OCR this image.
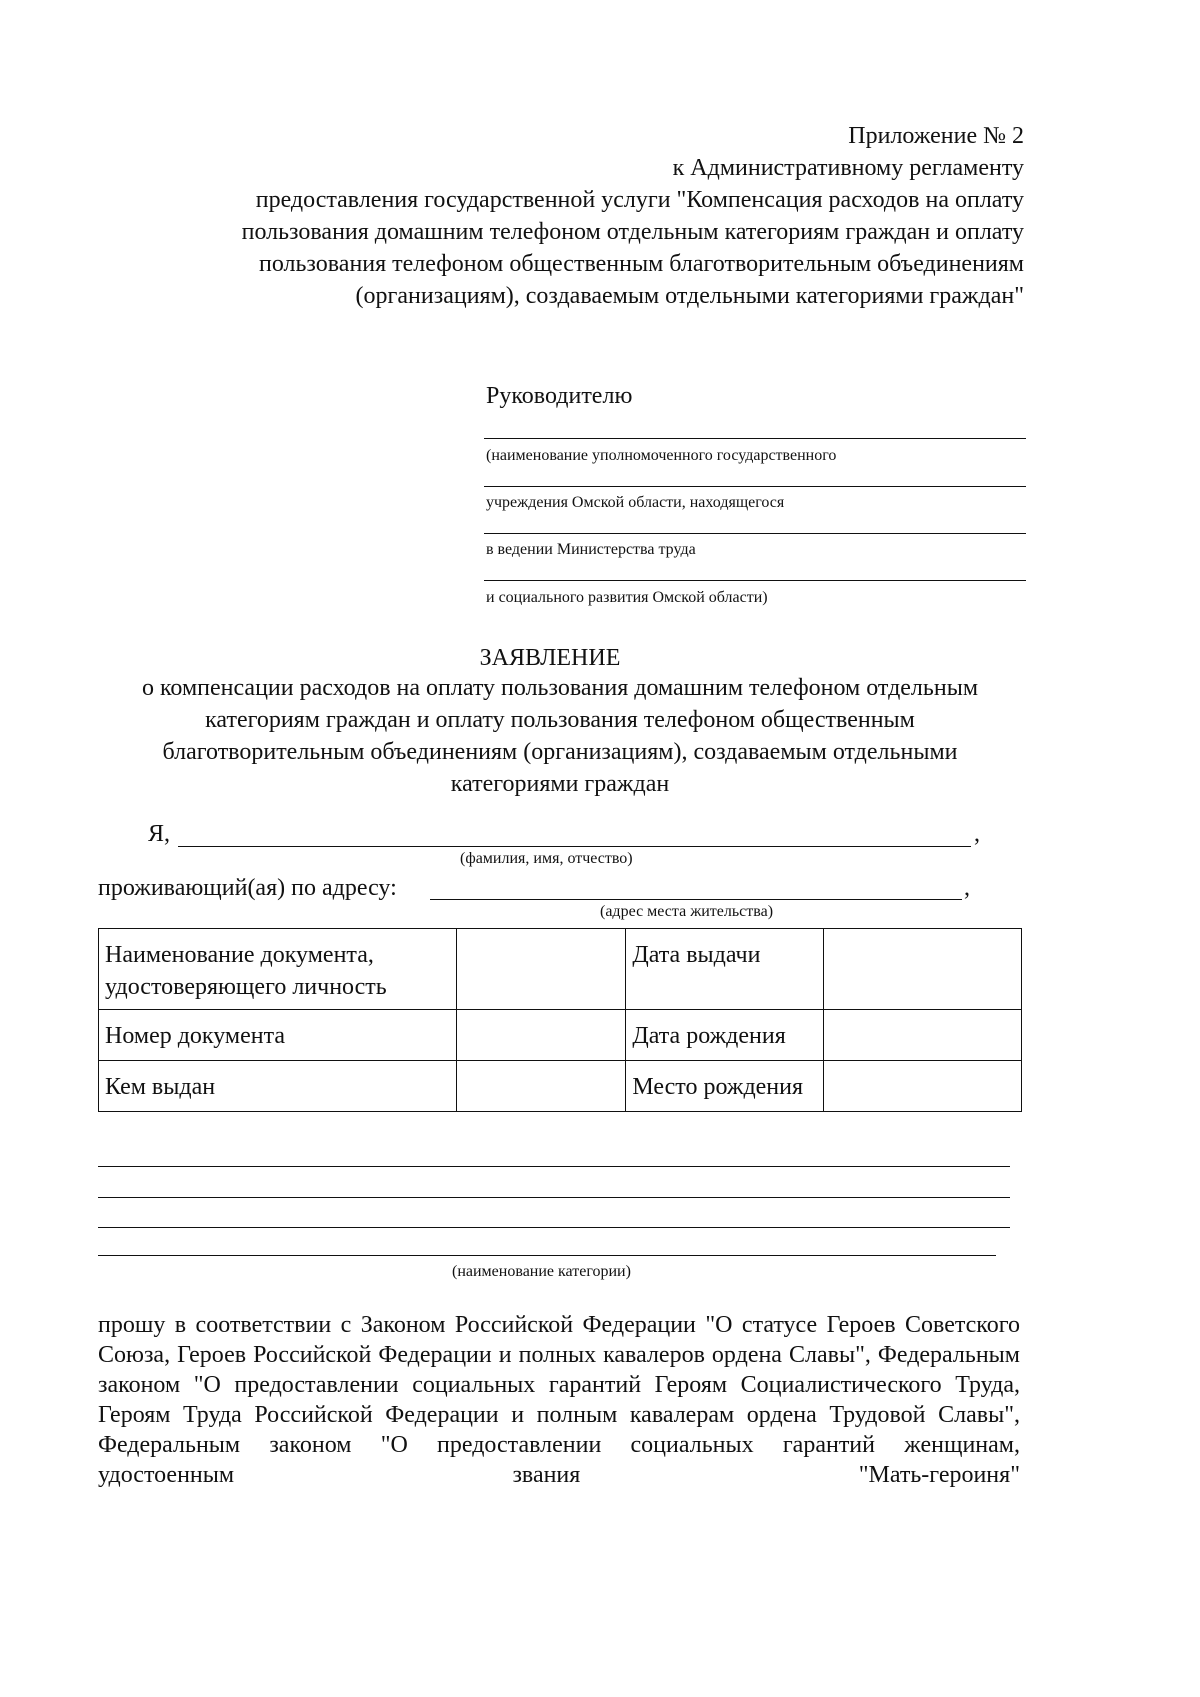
Приложение № 2
к Административному регламенту
предоставления государственной услуги "Компенсация расходов на оплату
пользования домашним телефоном отдельным категориям граждан и оплату
пользования телефоном общественным благотворительным объединениям
(организациям), создаваемым отдельными категориями граждан"
Руководителю
(наименование уполномоченного государственного
учреждения Омской области, находящегося
в ведении Министерства труда
и социального развития Омской области)
ЗАЯВЛЕНИЕ
о компенсации расходов на оплату пользования домашним телефоном отдельным
категориям граждан и оплату пользования телефоном общественным
благотворительным объединениям (организациям), создаваемым отдельными
категориями граждан
Я,	,
(фамилия, имя, отчество)
проживающий(ая) по адресу:	,
(адрес места жительства)
Наименование документа, удостоверяющего личность		Дата выдачи	
Номер документа		Дата рождения	
Кем выдан		Место рождения	
(наименование категории)
прошу в соответствии с Законом Российской Федерации "О статусе Героев Советского Союза, Героев Российской Федерации и полных кавалеров ордена Славы", Федеральным законом "О предоставлении социальных гарантий Героям Социалистического Труда, Героям Труда Российской Федерации и полным кавалерам ордена Трудовой Славы", Федеральным законом "О предоставлении социальных гарантий женщинам, удостоенным звания "Мать-героиня"
